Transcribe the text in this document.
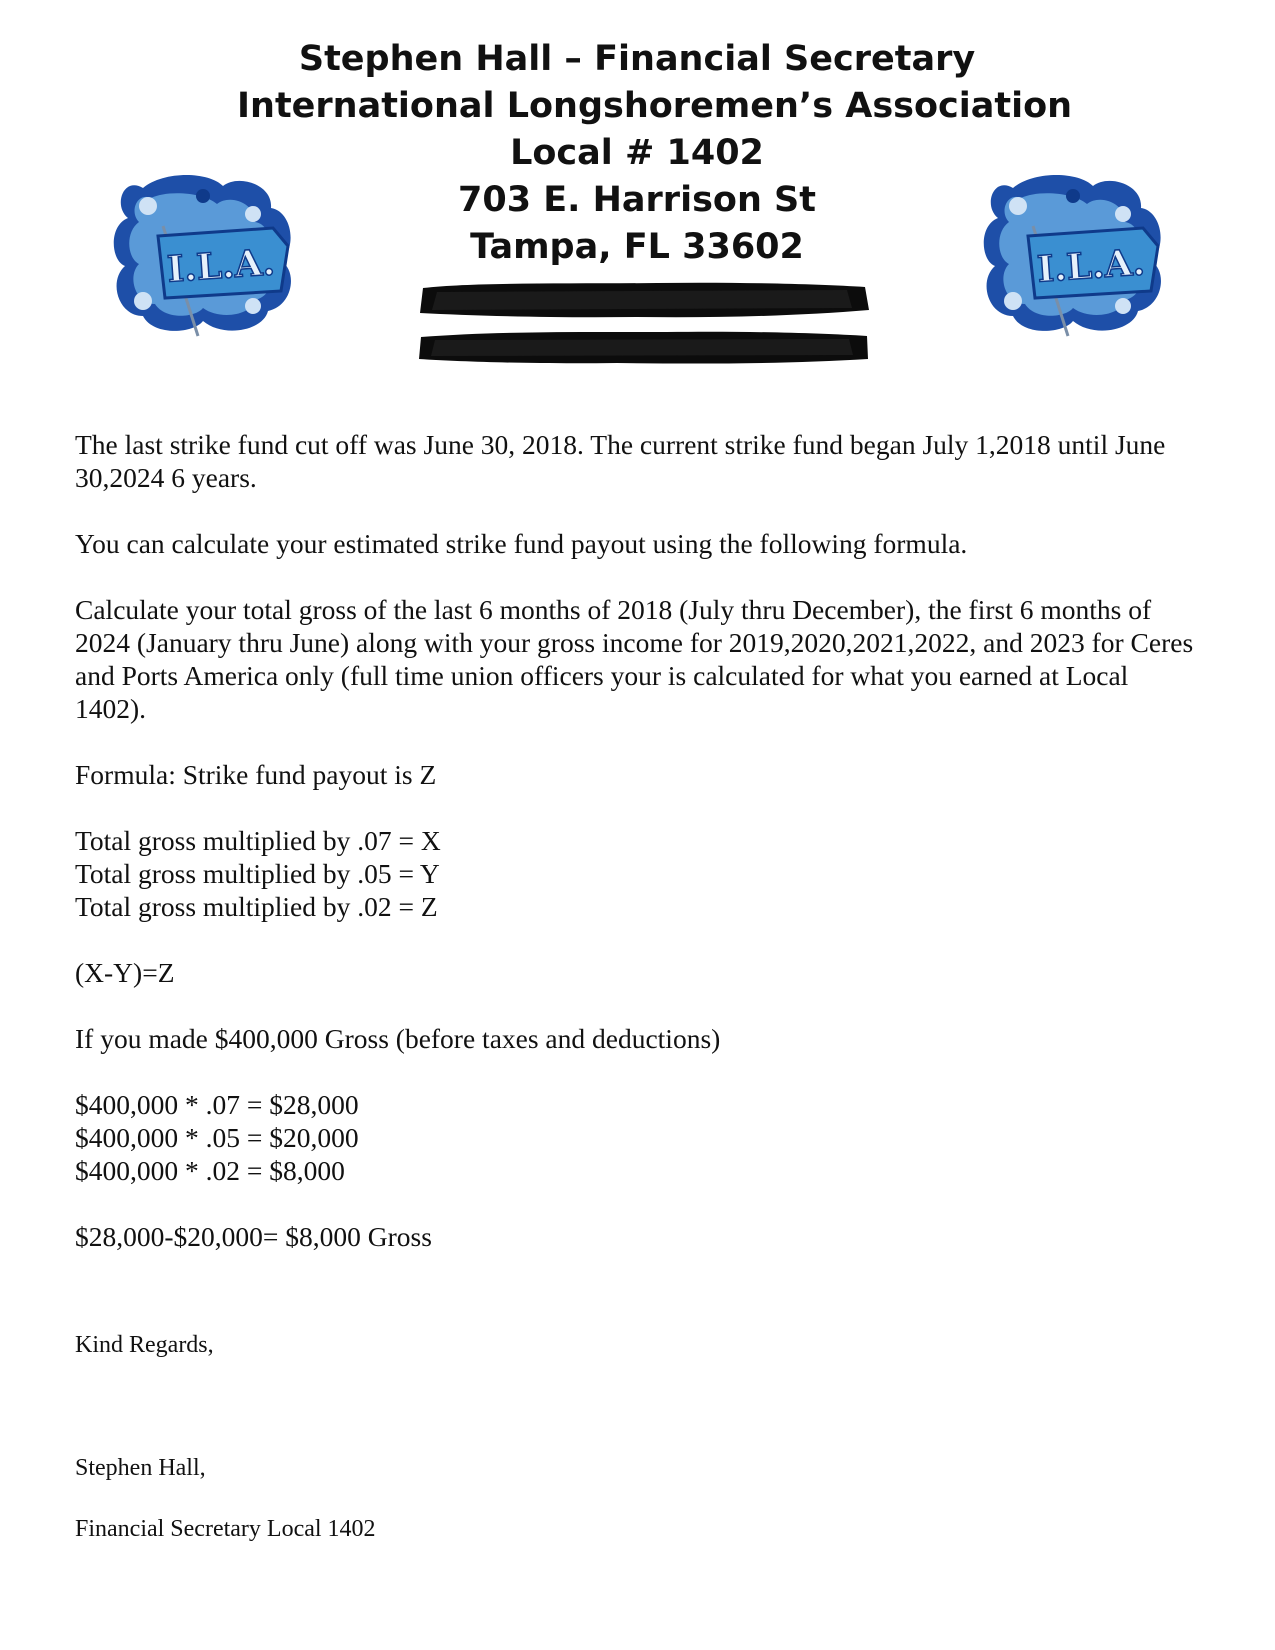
I.L.A.
Stephen Hall – Financial Secretary
International Longshoremen’s Association
Local # 1402
703 E. Harrison St
Tampa, FL 33602	I.L.A.

The last strike fund cut off was June 30, 2018. The current strike fund began July 1,2018 until June 30,2024 6 years.

You can calculate your estimated strike fund payout using the following formula.

Calculate your total gross of the last 6 months of 2018 (July thru December), the first 6 months of 2024 (January thru June) along with your gross income for 2019,2020,2021,2022, and 2023 for Ceres and Ports America only (full time union officers your is calculated for what you earned at Local 1402).

Formula: Strike fund payout is Z

Total gross multiplied by .07 = X
Total gross multiplied by .05 = Y
Total gross multiplied by .02 = Z

(X-Y)=Z

If you made $400,000 Gross (before taxes and deductions)

$400,000 * .07 = $28,000
$400,000 * .05 = $20,000
$400,000 * .02 = $8,000

$28,000-$20,000= $8,000 Gross

Kind Regards,
Stephen Hall,
Financial Secretary Local 1402
